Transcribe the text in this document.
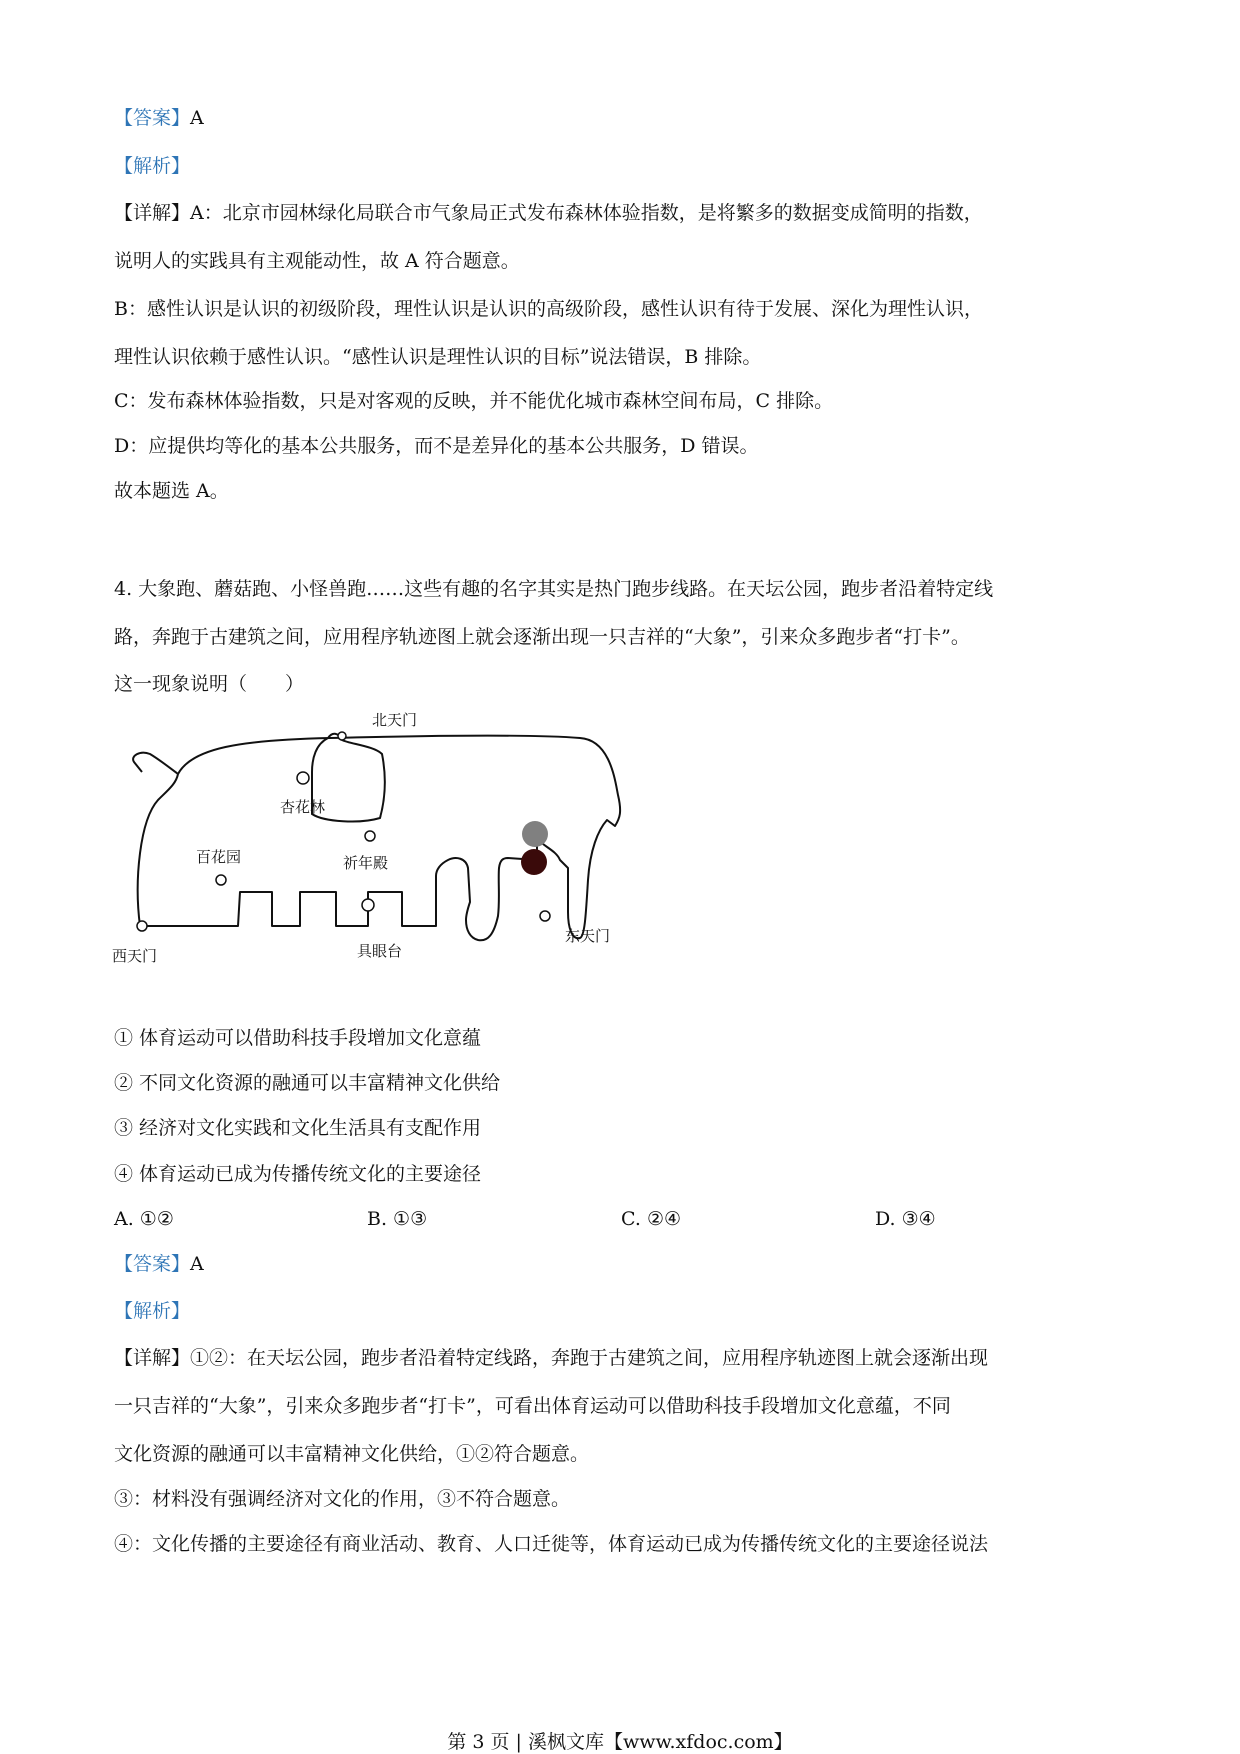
【答案】A
【解析】
【详解】A：北京市园林绿化局联合市气象局正式发布森林体验指数，是将繁多的数据变成简明的指数，
说明人的实践具有主观能动性，故 A 符合题意。
B：感性认识是认识的初级阶段，理性认识是认识的高级阶段，感性认识有待于发展、深化为理性认识，
理性认识依赖于感性认识。“感性认识是理性认识的目标”说法错误，B 排除。
C：发布森林体验指数，只是对客观的反映，并不能优化城市森林空间布局，C 排除。
D：应提供均等化的基本公共服务，而不是差异化的基本公共服务，D 错误。
故本题选 A。
4. 大象跑、蘑菇跑、小怪兽跑……这些有趣的名字其实是热门跑步线路。在天坛公园，跑步者沿着特定线
路，奔跑于古建筑之间，应用程序轨迹图上就会逐渐出现一只吉祥的“大象”，引来众多跑步者“打卡”。
这一现象说明（　　）
北天门
杏花林
百花园	祈年殿
西天门	具眼台
东天门
① 体育运动可以借助科技手段增加文化意蕴
② 不同文化资源的融通可以丰富精神文化供给
③ 经济对文化实践和文化生活具有支配作用
④ 体育运动已成为传播传统文化的主要途径
A. ①②	B. ①③	C. ②④	D. ③④
【答案】A
【解析】
【详解】①②：在天坛公园，跑步者沿着特定线路，奔跑于古建筑之间，应用程序轨迹图上就会逐渐出现
一只吉祥的“大象”，引来众多跑步者“打卡”，可看出体育运动可以借助科技手段增加文化意蕴，不同
文化资源的融通可以丰富精神文化供给，①②符合题意。
③：材料没有强调经济对文化的作用，③不符合题意。
④：文化传播的主要途径有商业活动、教育、人口迁徙等，体育运动已成为传播传统文化的主要途径说法
第 3 页 | 溪枫文库【www.xfdoc.com】
